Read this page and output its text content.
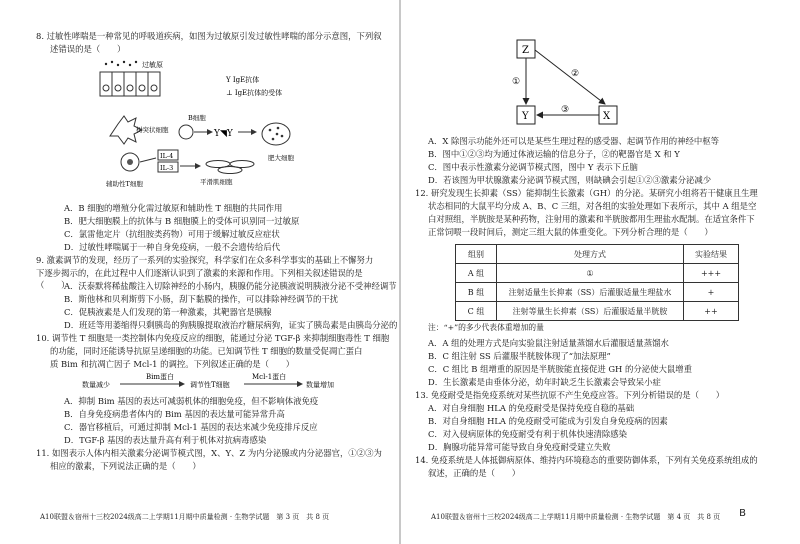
8. 过敏性哮喘是一种常见的呼吸道疾病，如图为过敏原引发过敏性哮喘的部分示意图，下列叙
述错误的是（　　）
过敏原
Y IgE抗体
⊥ IgE抗体的受体
树突状细胞
B细胞
Y◥Y
肥大细胞
IL-4
IL-3
辅助性T细胞	平滑肌细胞
A．B 细胞的增殖分化需过敏原和辅助性 T 细胞的共同作用
B．肥大细胞膜上的抗体与 B 细胞膜上的受体可识别同一过敏原
C．氯雷他定片（抗组胺类药物）可用于缓解过敏反应症状
D．过敏性哮喘属于一种自身免疫病，一般不会遗传给后代
9. 激素调节的发现，经历了一系列的实验探究，科学家们在众多科学事实的基础上不懈努力下逐步揭示的，在此过程中人们逐渐认识到了激素的来源和作用。下列相关叙述错误的是（　　）
A．沃泰默将稀盐酸注入切除神经的小肠内，胰腺仍能分泌胰液说明胰液分泌不受神经调节
B．斯他林和贝利斯剪下小肠，刮下黏膜的操作，可以排除神经调节的干扰
C．促胰液素是人们发现的第一种激素，其靶器官是胰腺
D．班廷等用萎缩得只剩胰岛的狗胰腺提取液治疗糖尿病狗，证实了胰岛素是由胰岛分泌的
10. 调节性 T 细胞是一类控制体内免疫反应的细胞，能通过分泌 TGF-β 来抑制细胞毒性 T 细胞
的功能，同时还能诱导抗原呈递细胞的功能。已知调节性 T 细胞的数量受促凋亡蛋白
质 Bim 和抗凋亡因子 Mcl-1 的调控。下列叙述正确的是（　　）
数量减少
Bim蛋白
调节性T细胞
Mcl-1蛋白
数量增加
A．抑制 Bim 基因的表达可减弱机体的细胞免疫，但不影响体液免疫
B．自身免疫病患者体内的 Bim 基因的表达量可能异常升高
C．器官移植后，可通过抑制 Mcl-1 基因的表达来减少免疫排斥反应
D．TGF-β 基因的表达量升高有利于机体对抗病毒感染
11. 如图表示人体内相关激素分泌调节模式图，X、Y、Z 为内分泌腺或内分泌器官，①②③为
相应的激素，下列说法正确的是（　　）
A10联盟＆宿州十三校2024级高二上学期11月期中质量检测 · 生物学试题　第 3 页　共 8 页
Z
Y	X
①
②
③
A．X 除图示功能外还可以是某些生理过程的感受器、起调节作用的神经中枢等
B．图中①②③均为通过体液运输的信息分子，②的靶器官是 X 和 Y
C．图中表示性激素分泌调节模式图，图中 Y 表示下丘脑
D．若该图为甲状腺激素分泌调节模式图，则缺碘会引起①②③激素分泌减少
12. 研究发现生长抑素（SS）能抑制生长激素（GH）的分泌。某研究小组将若干健康且生理
状态相同的大鼠平均分成 A、B、C 三组，对各组的实验处理如下表所示，其中 A 组是空
白对照组，半胱胺是某种药物，注射用的激素和半胱胺都用生理盐水配制。在适宜条件下
正常饲喂一段时间后，测定三组大鼠的体重变化。下列分析合理的是（　　）
组别	处理方式	实验结果
A 组	①	+++
B 组	注射适量生长抑素（SS）后灌服适量生理盐水	+
C 组	注射等量生长抑素（SS）后灌服适量半胱胺	++
注：“+”的多少代表体重增加的量
A．A 组的处理方式是向实验鼠注射适量蒸馏水后灌服适量蒸馏水
B．C 组注射 SS 后灌服半胱胺体现了“加法原理”
C．C 组比 B 组增重的原因是半胱胺能直接促进 GH 的分泌使大鼠增重
D．生长激素是由垂体分泌，幼年时缺乏生长激素会导致呆小症
13. 免疫耐受是指免疫系统对某些抗原不产生免疫应答。下列分析错误的是（　　）
A．对自身细胞 HLA 的免疫耐受是保持免疫自稳的基础
B．对自身细胞 HLA 的免疫耐受可能成为引发自身免疫病的因素
C．对入侵病原体的免疫耐受有利于机体快速清除感染
D．胸腺功能异常可能导致自身免疫耐受建立失败
14. 免疫系统是人体抵御病原体、维持内环境稳态的重要防御体系，下列有关免疫系统组成的
叙述，正确的是（　　）
A10联盟＆宿州十三校2024级高二上学期11月期中质量检测 · 生物学试题　第 4 页　共 8 页 B
